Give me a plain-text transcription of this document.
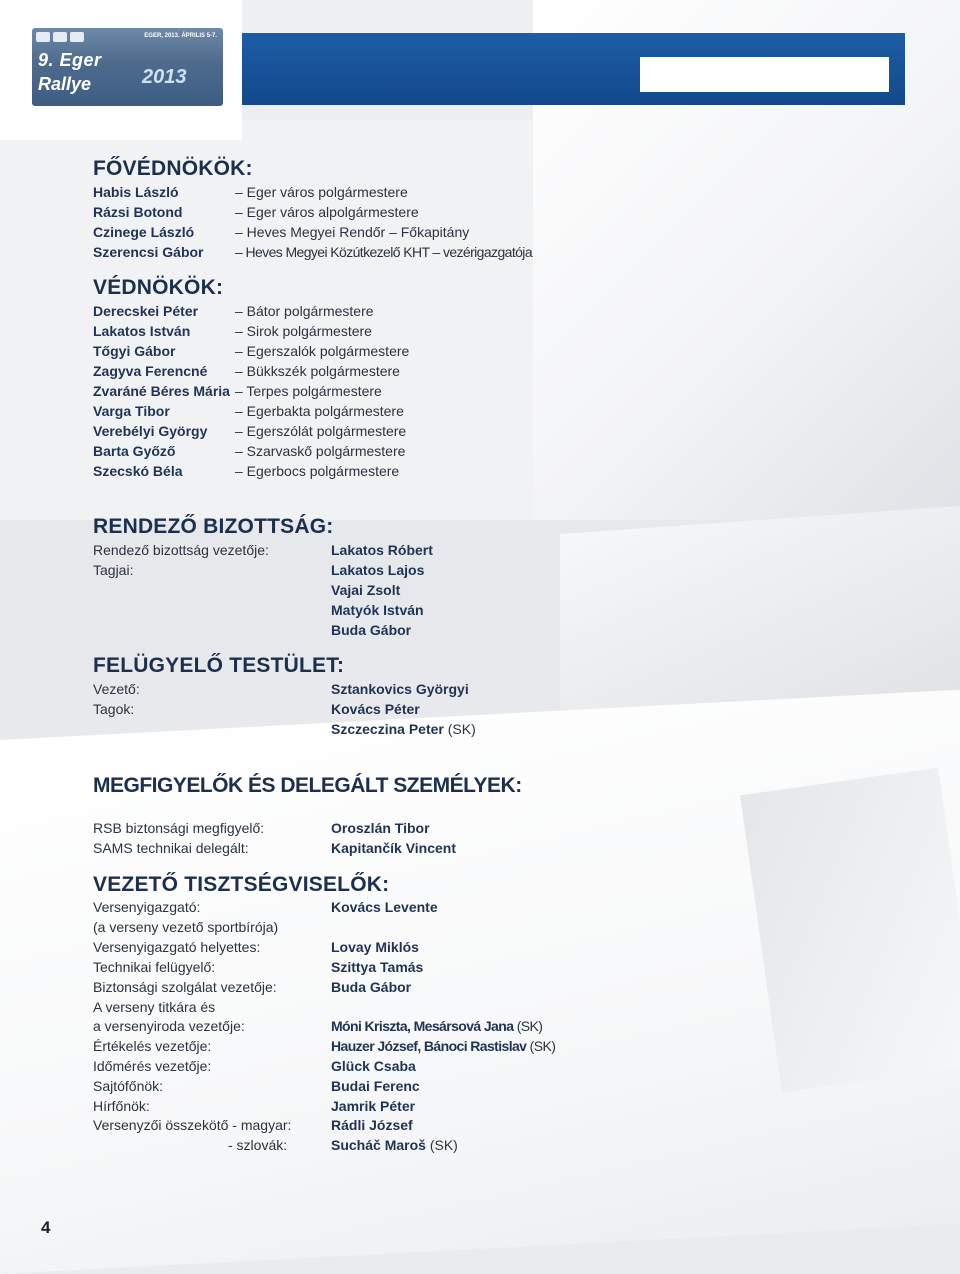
EGER, 2013. ÁPRILIS 5-7.
9. Eger
2013
Rallye
FŐVÉDNÖKÖK:
Habis László	– Eger város polgármestere
Rázsi Botond	– Eger város alpolgármestere
Czinege László	– Heves Megyei Rendőr – Főkapitány
Szerencsi Gábor – Heves Megyei Közútkezelő KHT – vezérigazgatója
VÉDNÖKÖK:
Derecskei Péter	– Bátor polgármestere
Lakatos István	– Sirok polgármestere
Tőgyi Gábor	– Egerszalók polgármestere
Zagyva Ferencné – Bükkszék polgármestere
Zvaráné Béres Mária – Terpes polgármestere
Varga Tibor	– Egerbakta polgármestere
Verebélyi György – Egerszólát polgármestere
Barta Győző	– Szarvaskő polgármestere
Szecskó Béla	– Egerbocs polgármestere
RENDEZŐ BIZOTTSÁG:
Rendező bizottság vezetője:	Lakatos Róbert
Tagjai:	Lakatos Lajos
Vajai Zsolt
Matyók István
Buda Gábor
FELÜGYELŐ TESTÜLET:
Vezető:	Sztankovics Györgyi
Tagok:	Kovács Péter
Szczeczina Peter (SK)
MEGFIGYELŐK ÉS DELEGÁLT SZEMÉLYEK:
RSB biztonsági megfigyelő:	Oroszlán Tibor
SAMS technikai delegált:	Kapitančík Vincent
VEZETŐ TISZTSÉGVISELŐK:
Versenyigazgató:	Kovács Levente
(a verseny vezető sportbírója)
Versenyigazgató helyettes:	Lovay Miklós
Technikai felügyelő:	Szittya Tamás
Biztonsági szolgálat vezetője:	Buda Gábor
A verseny titkára és
a versenyiroda vezetője:	Móni Kriszta, Mesársová Jana (SK)
Értékelés vezetője:	Hauzer József, Bánoci Rastislav (SK)
Időmérés vezetője:	Glück Csaba
Sajtófőnök:	Budai Ferenc
Hírfőnök:	Jamrik Péter
Versenyzői összekötő - magyar:	Rádli József
- szlovák:	Sucháč Maroš (SK)
4
